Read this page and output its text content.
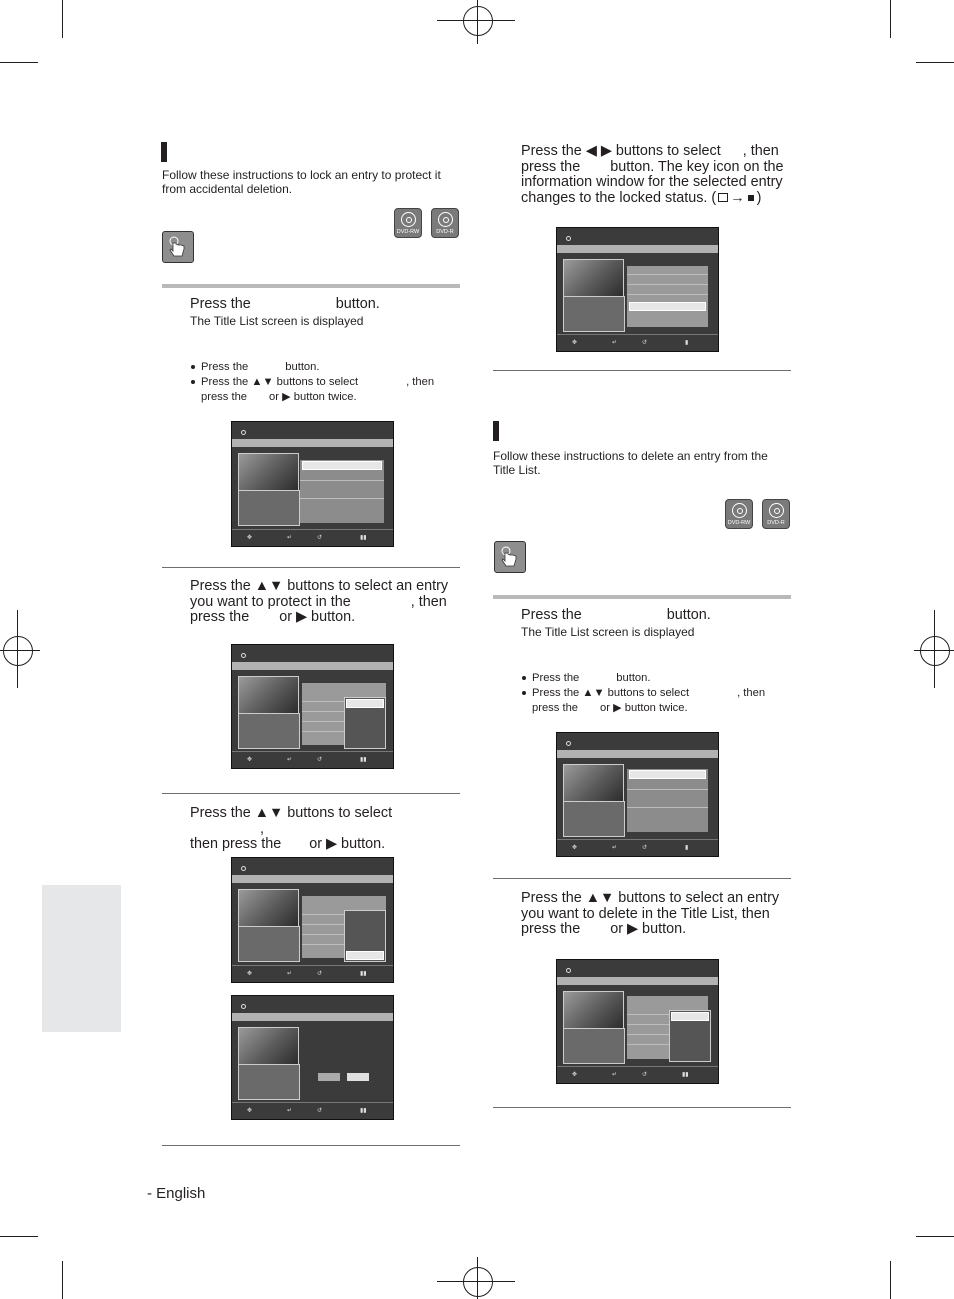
Follow these instructions to lock an entry to protect it from accidental deletion.
DVD-RW	DVD-R
Press the	button.
The Title List screen is displayed
Press the	button.
Press the ▲▼ buttons to select	, then
press the or ▶ button twice.
✥	↵	↺	▮▮
Press the ▲▼ buttons to select an entry
you want to protect in the	, then
press the or ▶ button.
✥	↵	↺	▮▮
Press the ▲▼ buttons to select,
then press the or ▶ button.
✥	↵	↺	▮▮
✥	↵	↺	▮▮
Press the ◀ ▶ buttons to select , then
press the button. The key icon on the
information window for the selected entry
changes to the locked status. ( → )
✥	↵	↺	▮
Follow these instructions to delete an entry from the Title List.
DVD-RW	DVD-R
Press the	button.
The Title List screen is displayed
Press the	button.
Press the ▲▼ buttons to select	, then
press the or ▶ button twice.
✥	↵	↺	▮
Press the ▲▼ buttons to select an entry
you want to delete in the Title List, then
press the or ▶ button.
✥	↵	↺	▮▮
- English
